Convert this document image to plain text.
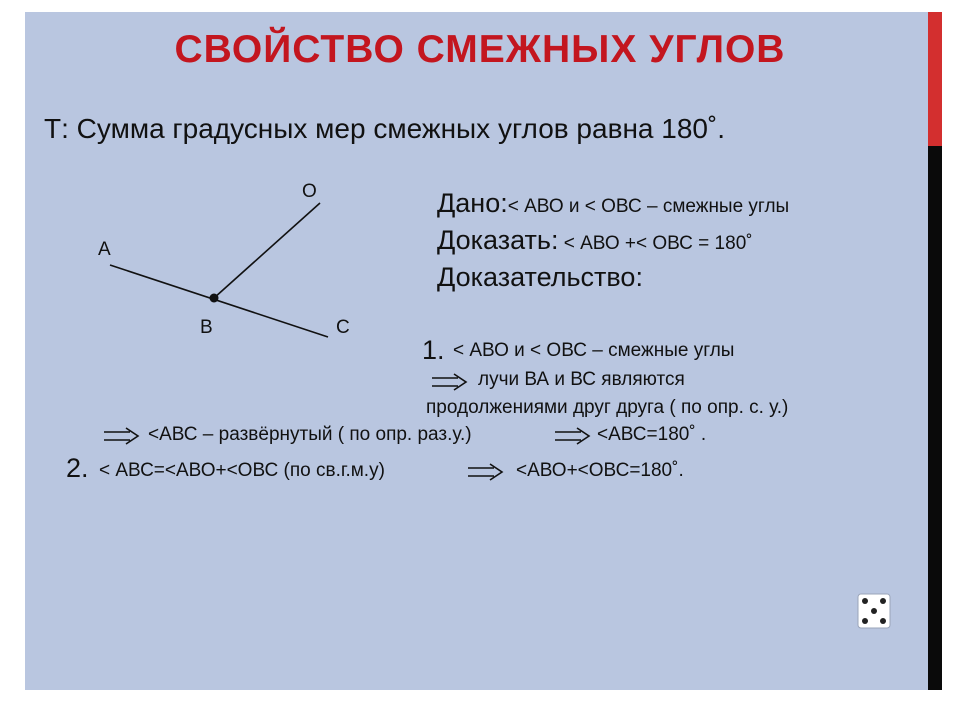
СВОЙСТВО СМЕЖНЫХ УГЛОВ
Т: Сумма градусных мер смежных углов равна 180˚.
А
В	С
О	Дано:< АВО и < ОВС – смежные углы
Доказать: < АВО +< ОВС = 180˚
Доказательство:
1. < АВО и < ОВС – смежные углы
лучи ВА и ВС являются
продолжениями друг друга ( по опр. с. у.)
<АВС – развёрнутый ( по опр. раз.у.)	<АВС=180˚ .
2. < АВС=<АВО+<ОВС (по св.г.м.у)	<АВО+<ОВС=180˚.
